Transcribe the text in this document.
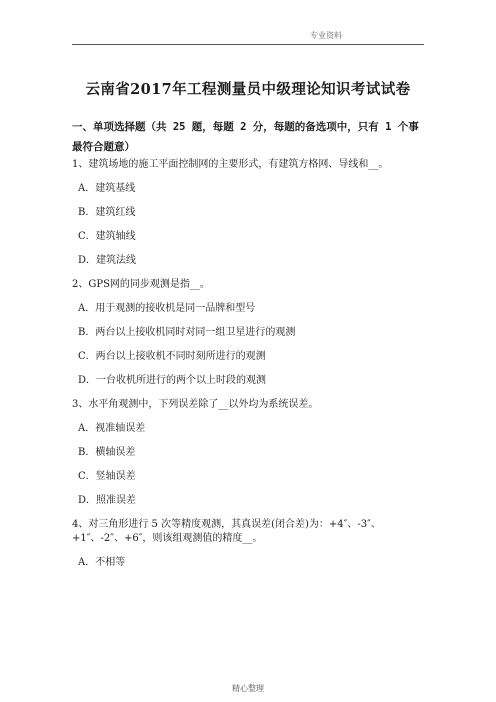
专业资料
云南省2017年工程测量员中级理论知识考试试卷
一、单项选择题（共 25 题，每题 2 分，每题的备选项中，只有 1 个事最符合题意）
1、建筑场地的施工平面控制网的主要形式，有建筑方格网、导线和__。
A．建筑基线
B．建筑红线
C．建筑轴线
D．建筑法线
2、GPS网的同步观测是指__。
A．用于观测的接收机是同一品牌和型号
B．两台以上接收机同时对同一组卫星进行的观测
C．两台以上接收机不同时刻所进行的观测
D．一台收机所进行的两个以上时段的观测
3、水平角观测中，下列误差除了__以外均为系统误差。
A．视准轴误差
B．横轴误差
C．竖轴误差
D．照准误差
4、对三角形进行 5 次等精度观测，其真误差(闭合差)为：+4″、-3″、+1″、-2″、+6″，则该组观测值的精度__。
A．不相等
精心整理
